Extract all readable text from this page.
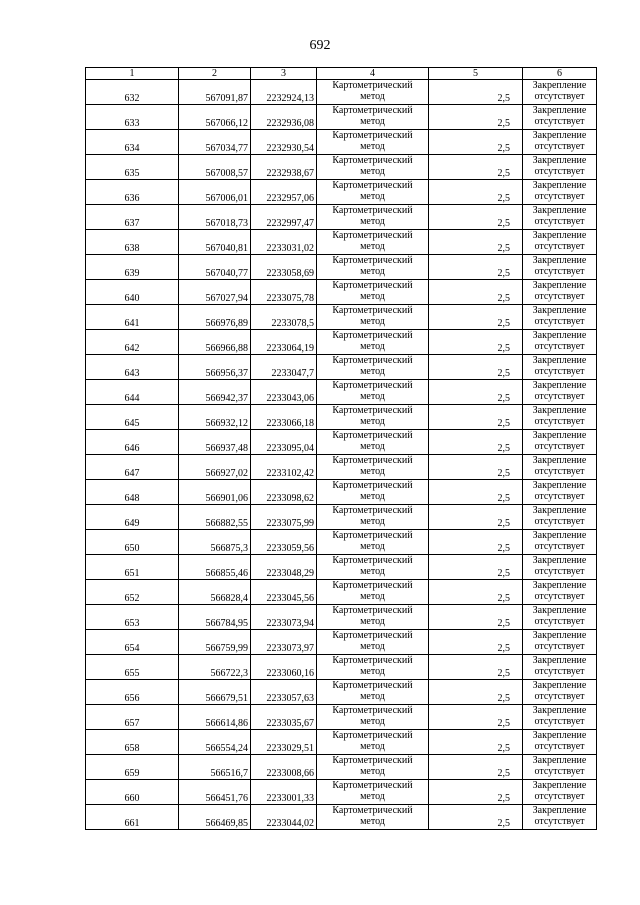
692
1	2	3	4	5	6
632	567091,87	2232924,13	Картометрический метод	2,5	Закрепление отсутствует
633	567066,12	2232936,08	Картометрический метод	2,5	Закрепление отсутствует
634	567034,77	2232930,54	Картометрический метод	2,5	Закрепление отсутствует
635	567008,57	2232938,67	Картометрический метод	2,5	Закрепление отсутствует
636	567006,01	2232957,06	Картометрический метод	2,5	Закрепление отсутствует
637	567018,73	2232997,47	Картометрический метод	2,5	Закрепление отсутствует
638	567040,81	2233031,02	Картометрический метод	2,5	Закрепление отсутствует
639	567040,77	2233058,69	Картометрический метод	2,5	Закрепление отсутствует
640	567027,94	2233075,78	Картометрический метод	2,5	Закрепление отсутствует
641	566976,89	2233078,5	Картометрический метод	2,5	Закрепление отсутствует
642	566966,88	2233064,19	Картометрический метод	2,5	Закрепление отсутствует
643	566956,37	2233047,7	Картометрический метод	2,5	Закрепление отсутствует
644	566942,37	2233043,06	Картометрический метод	2,5	Закрепление отсутствует
645	566932,12	2233066,18	Картометрический метод	2,5	Закрепление отсутствует
646	566937,48	2233095,04	Картометрический метод	2,5	Закрепление отсутствует
647	566927,02	2233102,42	Картометрический метод	2,5	Закрепление отсутствует
648	566901,06	2233098,62	Картометрический метод	2,5	Закрепление отсутствует
649	566882,55	2233075,99	Картометрический метод	2,5	Закрепление отсутствует
650	566875,3	2233059,56	Картометрический метод	2,5	Закрепление отсутствует
651	566855,46	2233048,29	Картометрический метод	2,5	Закрепление отсутствует
652	566828,4	2233045,56	Картометрический метод	2,5	Закрепление отсутствует
653	566784,95	2233073,94	Картометрический метод	2,5	Закрепление отсутствует
654	566759,99	2233073,97	Картометрический метод	2,5	Закрепление отсутствует
655	566722,3	2233060,16	Картометрический метод	2,5	Закрепление отсутствует
656	566679,51	2233057,63	Картометрический метод	2,5	Закрепление отсутствует
657	566614,86	2233035,67	Картометрический метод	2,5	Закрепление отсутствует
658	566554,24	2233029,51	Картометрический метод	2,5	Закрепление отсутствует
659	566516,7	2233008,66	Картометрический метод	2,5	Закрепление отсутствует
660	566451,76	2233001,33	Картометрический метод	2,5	Закрепление отсутствует
661	566469,85	2233044,02	Картометрический метод	2,5	Закрепление отсутствует
